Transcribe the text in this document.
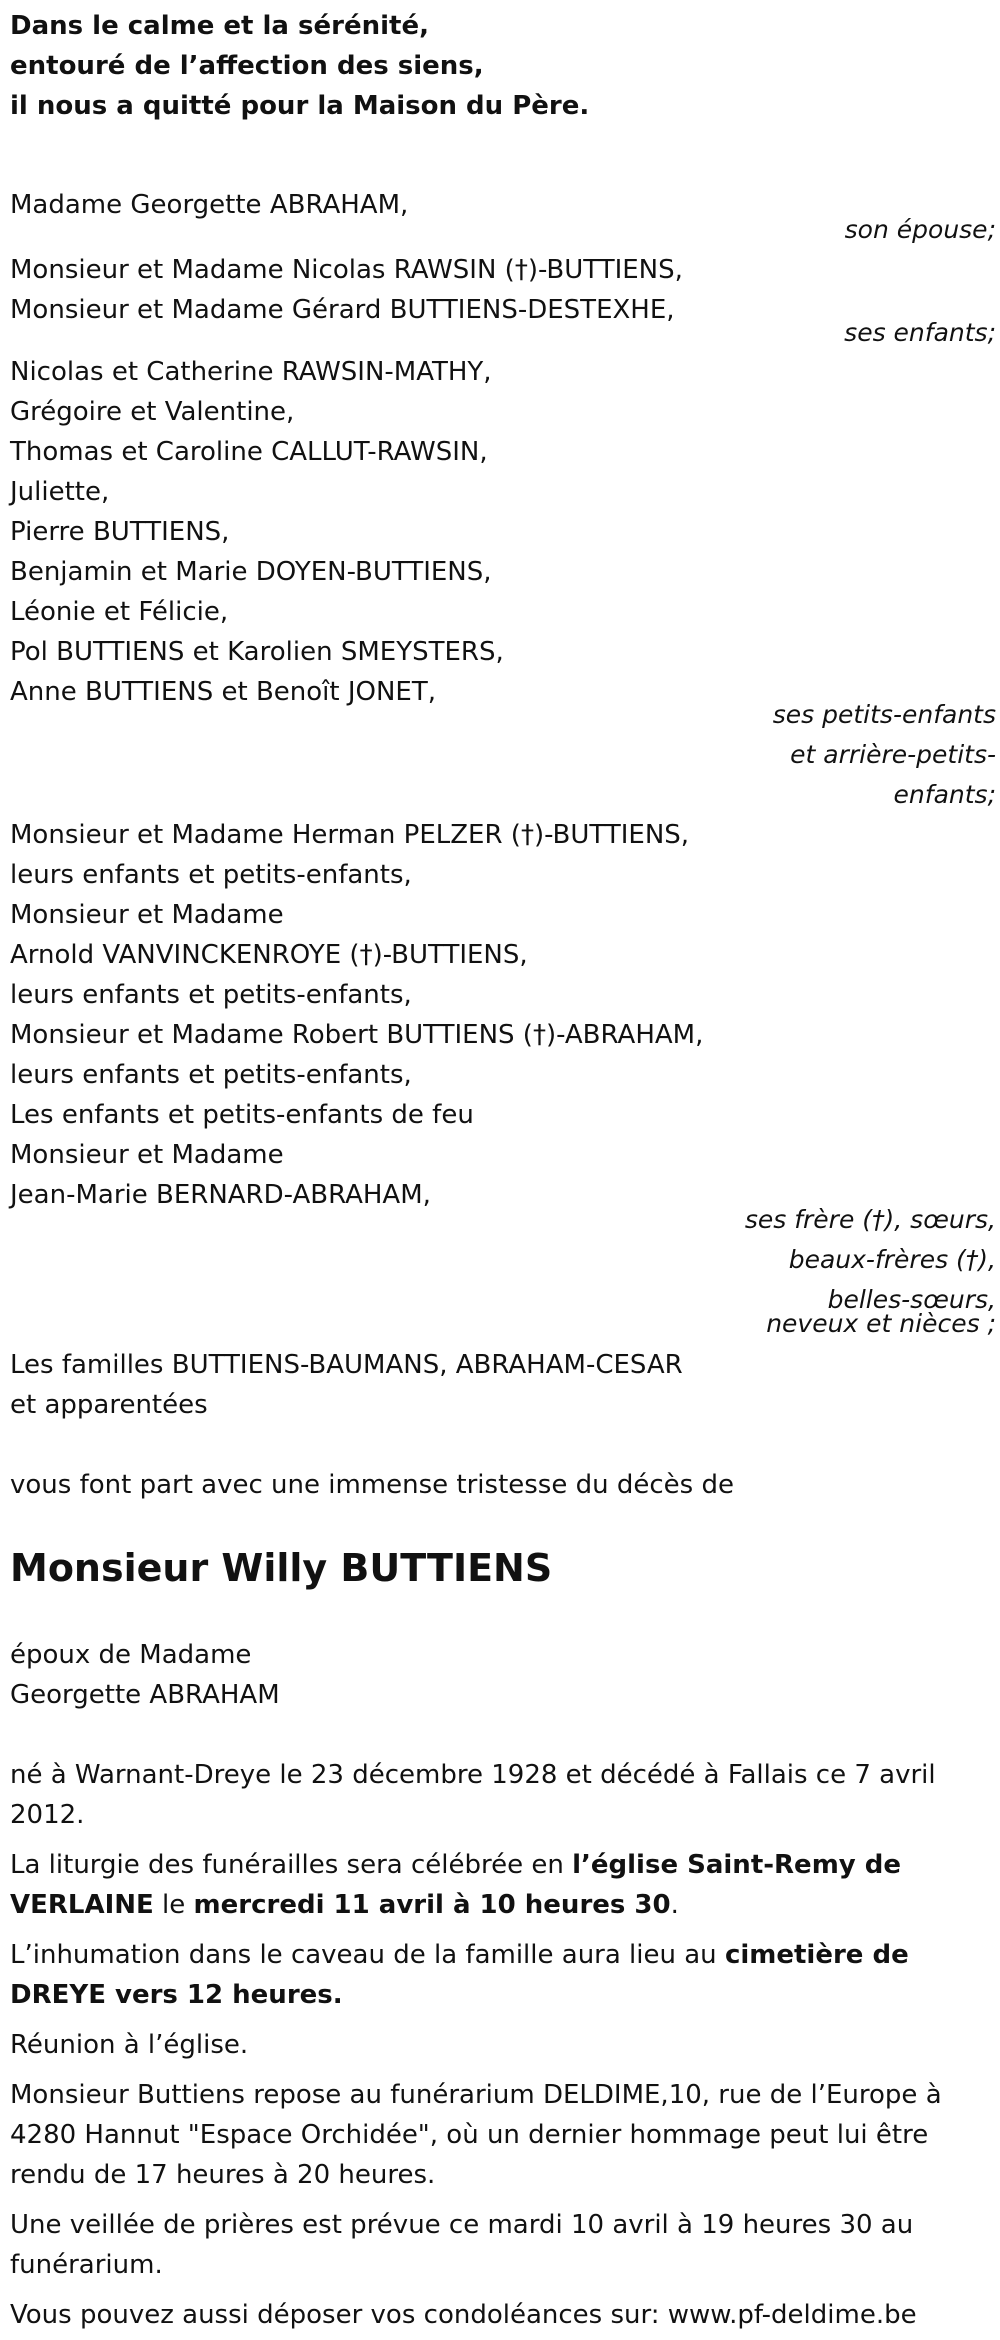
Dans le calme et la sérénité,
entouré de l’affection des siens,
il nous a quitté pour la Maison du Père.
Madame Georgette ABRAHAM,
son épouse;
Monsieur et Madame Nicolas RAWSIN (†)-BUTTIENS,
Monsieur et Madame Gérard BUTTIENS-DESTEXHE,
ses enfants;
Nicolas et Catherine RAWSIN-MATHY,
Grégoire et Valentine,
Thomas et Caroline CALLUT-RAWSIN,
Juliette,
Pierre BUTTIENS,
Benjamin et Marie DOYEN-BUTTIENS,
Léonie et Félicie,
Pol BUTTIENS et Karolien SMEYSTERS,
Anne BUTTIENS et Benoît JONET,
ses petits-enfants
et arrière-petits-
enfants;
Monsieur et Madame Herman PELZER (†)-BUTTIENS,
leurs enfants et petits-enfants,
Monsieur et Madame
Arnold VANVINCKENROYE (†)-BUTTIENS,
leurs enfants et petits-enfants,
Monsieur et Madame Robert BUTTIENS (†)-ABRAHAM,
leurs enfants et petits-enfants,
Les enfants et petits-enfants de feu
Monsieur et Madame
Jean-Marie BERNARD-ABRAHAM,
ses frère (†), sœurs,
beaux-frères (†),
belles-sœurs,
neveux et nièces ;
Les familles BUTTIENS-BAUMANS, ABRAHAM-CESAR
et apparentées
vous font part avec une immense tristesse du décès de
Monsieur Willy BUTTIENS
époux de Madame
Georgette ABRAHAM
né à Warnant-Dreye le 23 décembre 1928 et décédé à Fallais ce 7 avril 2012.
La liturgie des funérailles sera célébrée en l’église Saint-Remy de VERLAINE le mercredi 11 avril à 10 heures 30.
L’inhumation dans le caveau de la famille aura lieu au cimetière de DREYE vers 12 heures.
Réunion à l’église.
Monsieur Buttiens repose au funérarium DELDIME,10, rue de l’Europe à 4280 Hannut "Espace Orchidée", où un dernier hommage peut lui être rendu de 17 heures à 20 heures.
Une veillée de prières est prévue ce mardi 10 avril à 19 heures 30 au funérarium.
Vous pouvez aussi déposer vos condoléances sur: www.pf-deldime.be
